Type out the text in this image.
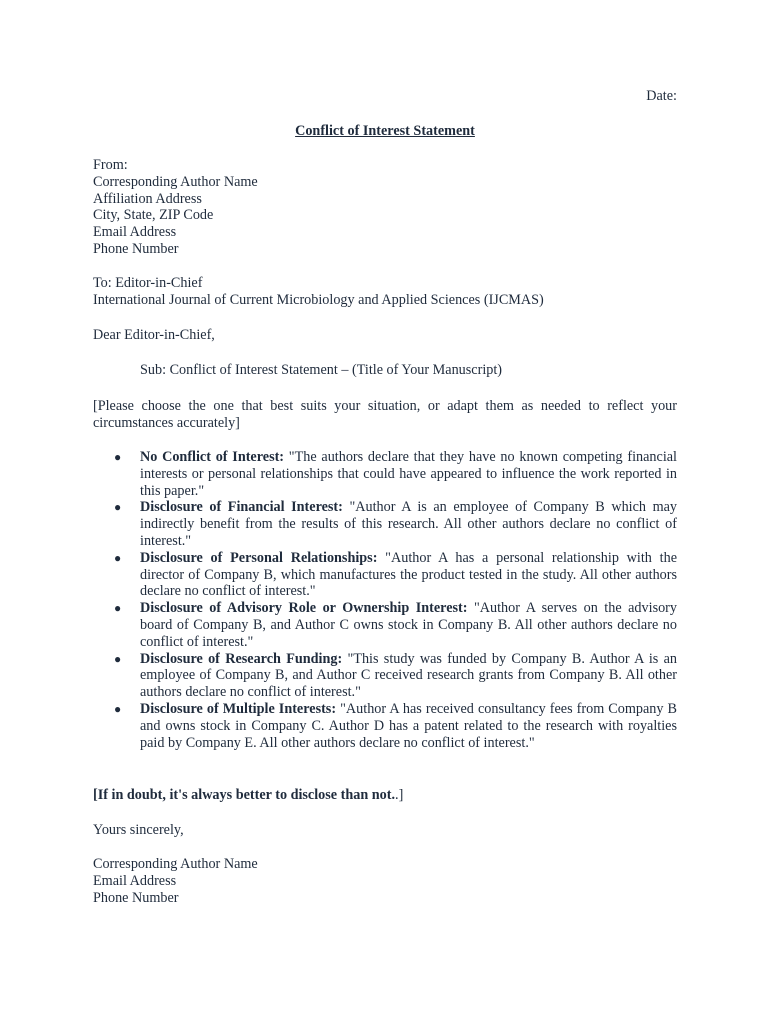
Date:
Conflict of Interest Statement
From:
Corresponding Author Name
Affiliation Address
City, State, ZIP Code
Email Address
Phone Number
To: Editor-in-Chief
International Journal of Current Microbiology and Applied Sciences (IJCMAS)
Dear Editor-in-Chief,
Sub: Conflict of Interest Statement – (Title of Your Manuscript)
[Please choose the one that best suits your situation, or adapt them as needed to reflect your circumstances accurately]
● No Conflict of Interest: "The authors declare that they have no known competing financial interests or personal relationships that could have appeared to influence the work reported in this paper."
● Disclosure of Financial Interest: "Author A is an employee of Company B which may indirectly benefit from the results of this research. All other authors declare no conflict of interest."
● Disclosure of Personal Relationships: "Author A has a personal relationship with the director of Company B, which manufactures the product tested in the study. All other authors declare no conflict of interest."
● Disclosure of Advisory Role or Ownership Interest: "Author A serves on the advisory board of Company B, and Author C owns stock in Company B. All other authors declare no conflict of interest."
● Disclosure of Research Funding: "This study was funded by Company B. Author A is an employee of Company B, and Author C received research grants from Company B. All other authors declare no conflict of interest."
● Disclosure of Multiple Interests: "Author A has received consultancy fees from Company B and owns stock in Company C. Author D has a patent related to the research with royalties paid by Company E. All other authors declare no conflict of interest."
[If in doubt, it's always better to disclose than not..]
Yours sincerely,
Corresponding Author Name
Email Address
Phone Number
